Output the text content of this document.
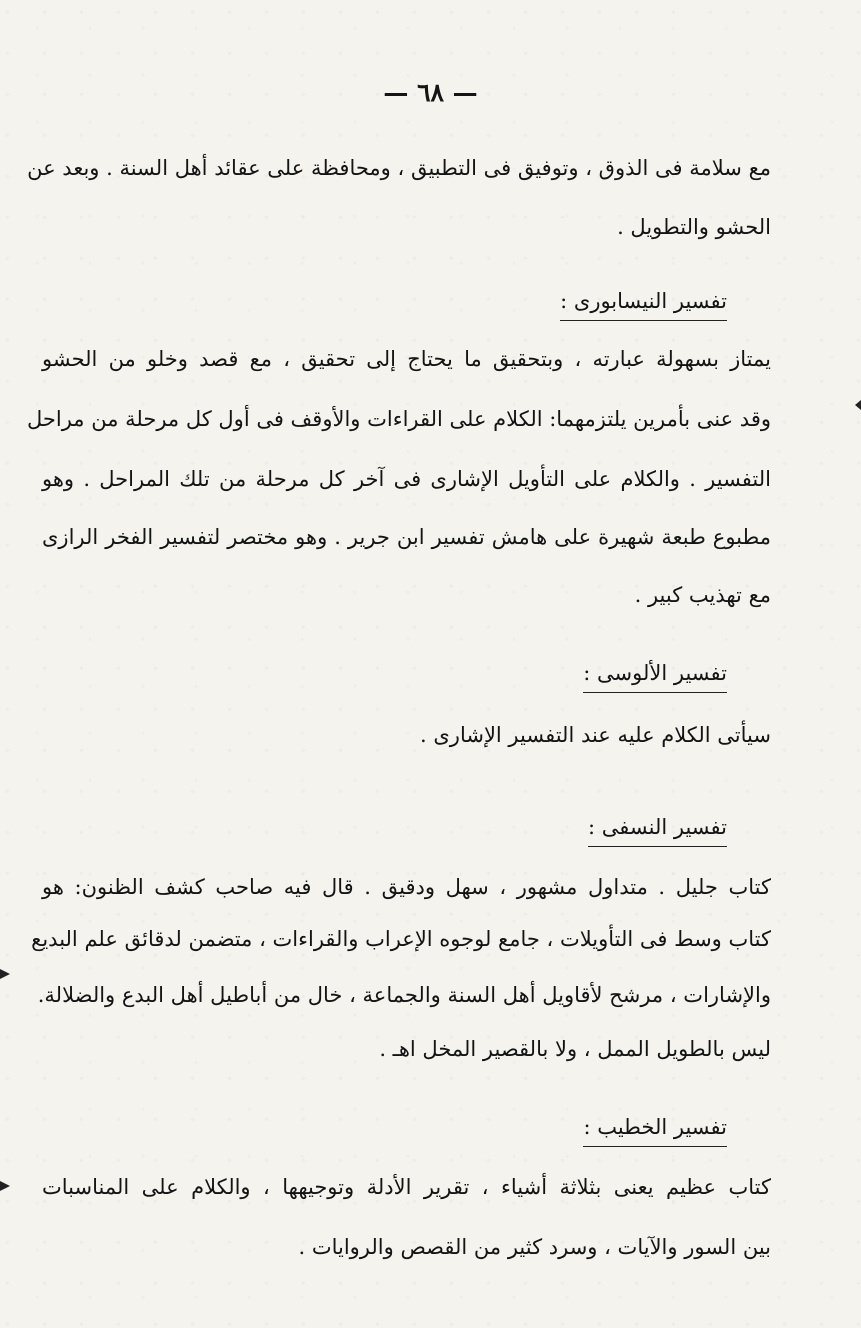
— ٦٨ —
مع سلامة فى الذوق ، وتوفيق فى التطبيق ، ومحافظة على عقائد أهل السنة . وبعد عن
الحشو والتطويل .
تفسير النيسابورى :
يمتاز بسهولة عبارته ، وبتحقيق ما يحتاج إلى تحقيق ، مع قصد وخلو من الحشو
وقد عنى بأمرين يلتزمهما: الكلام على القراءات والأوقف فى أول كل مرحلة من مراحل
التفسير . والكلام على التأويل الإشارى فى آخر كل مرحلة من تلك المراحل . وهو
مطبوع طبعة شهيرة على هامش تفسير ابن جرير . وهو مختصر لتفسير الفخر الرازى
مع تهذيب كبير .
تفسير الألوسى :
سيأتى الكلام عليه عند التفسير الإشارى .
تفسير النسفى :
كتاب جليل . متداول مشهور ، سهل ودقيق . قال فيه صاحب كشف الظنون: هو
كتاب وسط فى التأويلات ، جامع لوجوه الإعراب والقراءات ، متضمن لدقائق علم البديع
والإشارات ، مرشح لأقاويل أهل السنة والجماعة ، خال من أباطيل أهل البدع والضلالة.
ليس بالطويل الممل ، ولا بالقصير المخل اهـ .
تفسير الخطيب :
كتاب عظيم يعنى بثلاثة أشياء ، تقرير الأدلة وتوجيهها ، والكلام على المناسبات
بين السور والآيات ، وسرد كثير من القصص والروايات .
